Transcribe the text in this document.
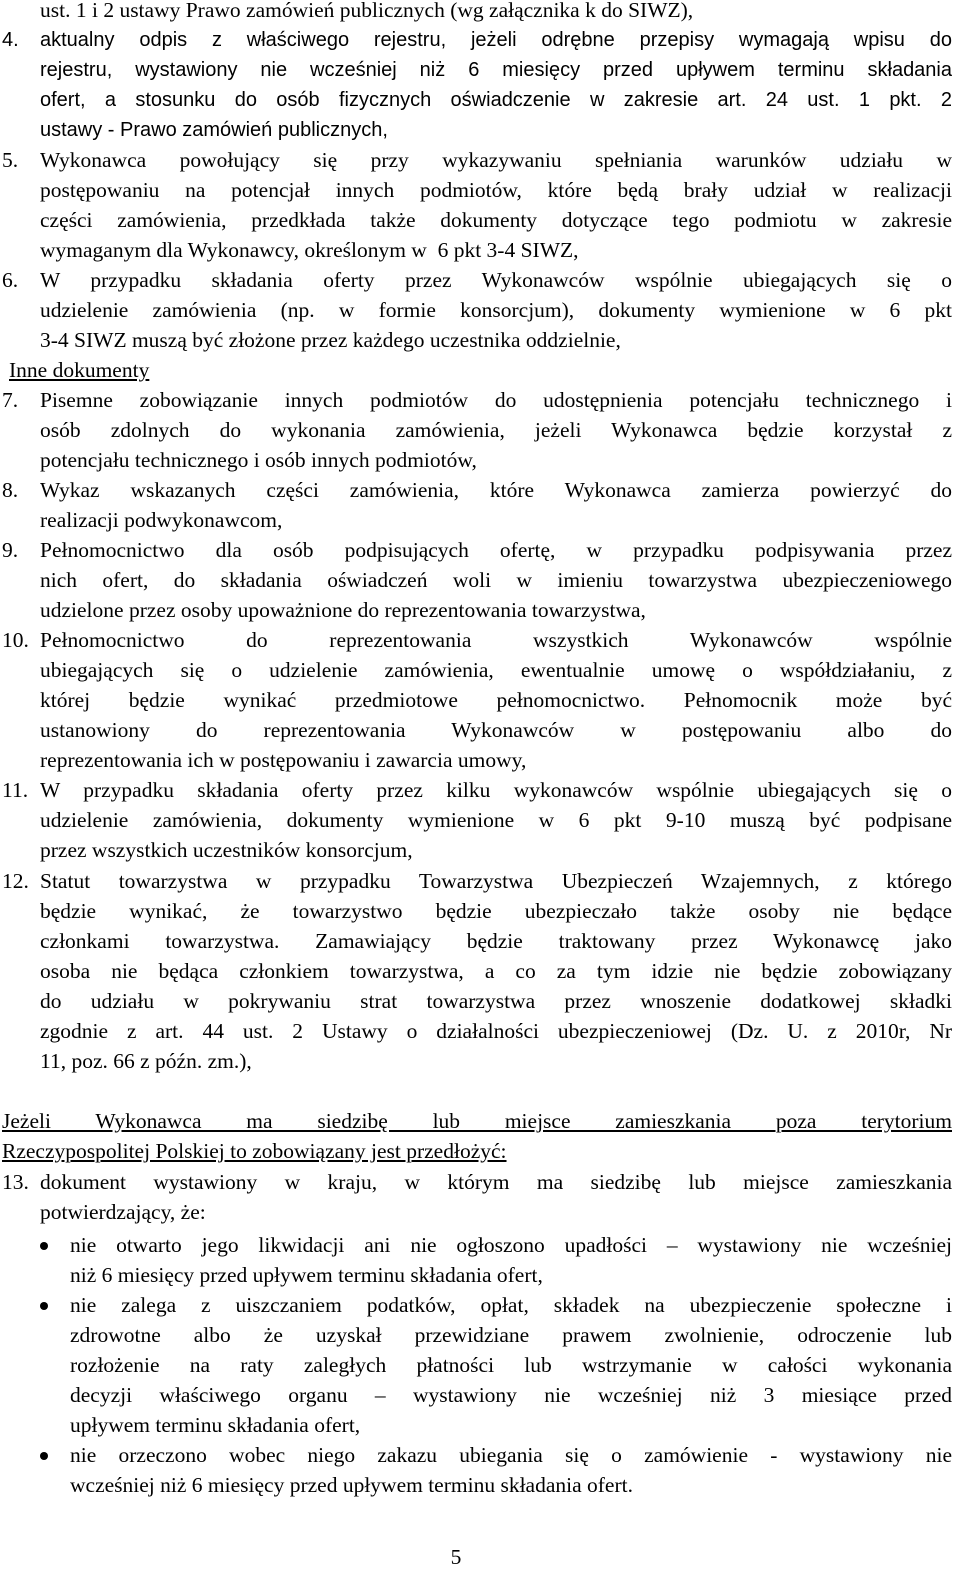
ust. 1 i 2 ustawy Prawo zamówień publicznych (wg załącznika k do SIWZ),
4. aktualny odpis z właściwego rejestru, jeżeli odrębne przepisy wymagają wpisu do
rejestru, wystawiony nie wcześniej niż 6 miesięcy przed upływem terminu składania
ofert, a stosunku do osób fizycznych oświadczenie w zakresie art. 24 ust. 1 pkt. 2
ustawy - Prawo zamówień publicznych,
5. Wykonawca powołujący się przy wykazywaniu spełniania warunków udziału w
postępowaniu na potencjał innych podmiotów, które będą brały udział w realizacji
części zamówienia, przedkłada także dokumenty dotyczące tego podmiotu w zakresie
wymaganym dla Wykonawcy, określonym w  6 pkt 3-4 SIWZ,
6. W przypadku składania oferty przez Wykonawców wspólnie ubiegających się o
udzielenie zamówienia (np. w formie konsorcjum), dokumenty wymienione w 6 pkt
3-4 SIWZ muszą być złożone przez każdego uczestnika oddzielnie,
Inne dokumenty
7. Pisemne zobowiązanie innych podmiotów do udostępnienia potencjału technicznego i
osób zdolnych do wykonania zamówienia, jeżeli Wykonawca będzie korzystał z
potencjału technicznego i osób innych podmiotów,
8. Wykaz wskazanych części zamówienia, które Wykonawca zamierza powierzyć do
realizacji podwykonawcom,
9. Pełnomocnictwo dla osób podpisujących ofertę, w przypadku podpisywania przez
nich ofert, do składania oświadczeń woli w imieniu towarzystwa ubezpieczeniowego
udzielone przez osoby upoważnione do reprezentowania towarzystwa,
10. Pełnomocnictwo do reprezentowania wszystkich Wykonawców wspólnie
ubiegających się o udzielenie zamówienia, ewentualnie umowę o współdziałaniu, z
której będzie wynikać przedmiotowe pełnomocnictwo. Pełnomocnik może być
ustanowiony do reprezentowania Wykonawców w postępowaniu albo do
reprezentowania ich w postępowaniu i zawarcia umowy,
11. W przypadku składania oferty przez kilku wykonawców wspólnie ubiegających się o
udzielenie zamówienia, dokumenty wymienione w 6 pkt 9-10 muszą być podpisane
przez wszystkich uczestników konsorcjum,
12. Statut towarzystwa w przypadku Towarzystwa Ubezpieczeń Wzajemnych, z którego
będzie wynikać, że towarzystwo będzie ubezpieczało także osoby nie będące
członkami towarzystwa. Zamawiający będzie traktowany przez Wykonawcę jako
osoba nie będąca członkiem towarzystwa, a co za tym idzie nie będzie zobowiązany
do udziału w pokrywaniu strat towarzystwa przez wnoszenie dodatkowej składki
zgodnie z art. 44 ust. 2 Ustawy o działalności ubezpieczeniowej (Dz. U. z 2010r, Nr
11, poz. 66 z późn. zm.),
Jeżeli Wykonawca ma siedzibę lub miejsce zamieszkania poza terytorium
Rzeczypospolitej Polskiej to zobowiązany jest przedłożyć:
13. dokument wystawiony w kraju, w którym ma siedzibę lub miejsce zamieszkania
potwierdzający, że:
nie otwarto jego likwidacji ani nie ogłoszono upadłości – wystawiony nie wcześniej
niż 6 miesięcy przed upływem terminu składania ofert,
nie zalega z uiszczaniem podatków, opłat, składek na ubezpieczenie społeczne i
zdrowotne albo że uzyskał przewidziane prawem zwolnienie, odroczenie lub
rozłożenie na raty zaległych płatności lub wstrzymanie w całości wykonania
decyzji właściwego organu – wystawiony nie wcześniej niż 3 miesiące przed
upływem terminu składania ofert,
nie orzeczono wobec niego zakazu ubiegania się o zamówienie - wystawiony nie
wcześniej niż 6 miesięcy przed upływem terminu składania ofert.
5
